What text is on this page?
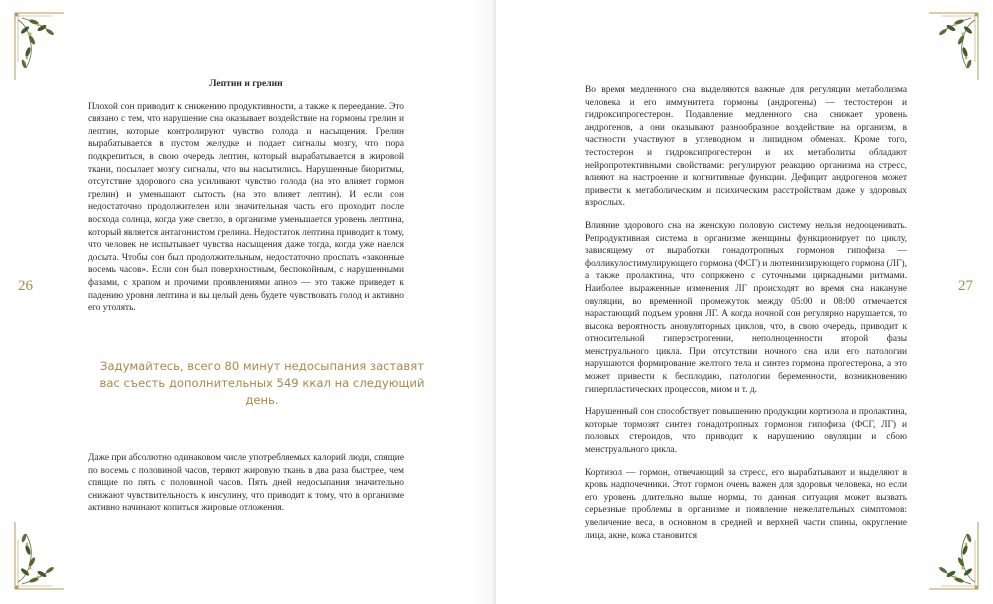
26
Лептин и грелин

Плохой сон приводит к снижению продуктивности, а также к переедание. Это связано с тем, что нарушение сна оказывает воздействие на гормоны грелин и лептин, которые контролируют чувство голода и насыщения. Грелин вырабатывается в пустом желудке и подает сигналы мозгу, что пора подкрепиться, в свою очередь лептин, который вырабатывается в жировой ткани, посылает мозгу сигналы, что вы насытились. Нарушенные биоритмы, отсутствие здорового сна усиливают чувство голода (на это влияет гормон грелин) и уменьшают сытость (на это влияет лептин). И если сон недостаточно продолжителен или значительная часть его проходит после восхода солнца, когда уже светло, в организме уменьшается уровень лептина, который является антагонистом грелина. Недостаток лептина приводит к тому, что человек не испытывает чувства насыщения даже тогда, когда уже наелся досыта. Чтобы сон был продолжительным, недостаточно проспать «законные восемь часов». Если сон был поверхностным, беспокойным, с нарушенными фазами, с храпом и прочими проявлениями апноэ — это также приведет к падению уровня лептина и вы целый день будете чувствовать голод и активно его утолять.

Задумайтесь, всего 80 минут недосыпания заставят вас съесть дополнительных 549 ккал на следующий день.

Даже при абсолютно одинаковом числе употребляемых калорий люди, спящие по восемь с половиной часов, теряют жировую ткань в два раза быстрее, чем спящие по пять с половиной часов. Пять дней недосыпания значительно снижают чувствительность к инсулину, что приводит к тому, что в организме активно начинают копиться жировые отложения.

27

Во время медленного сна выделяются важные для регуляции метаболизма человека и его иммунитета гормоны (андрогены) — тестостерон и гидроксипрогестерон. Подавление медленного сна снижает уровень андрогенов, а они оказывают разнообразное воздействие на организм, в частности участвуют в углеводном и липидном обменах. Кроме того, тестостерон и гидроксипрогестерон и их метаболиты обладают нейропротективными свойствами: регулируют реакцию организма на стресс, влияют на настроение и когнитивные функции. Дефицит андрогенов может привести к метаболическим и психическим расстройствам даже у здоровых взрослых.

Влияние здорового сна на женскую половую систему нельзя недооценивать. Репродуктивная система в организме женщины функционирует по циклу, зависящему от выработки гонадотропных гормонов гипофиза — фолликулостимулирующего гормона (ФСГ) и лютеинизирующего гормона (ЛГ), а также пролактина, что сопряжено с суточными циркадными ритмами. Наиболее выраженные изменения ЛГ происходят во время сна накануне овуляции, во временной промежуток между 05:00 и 08:00 отмечается нарастающий подъем уровня ЛГ. А когда ночной сон регулярно нарушается, то высока вероятность ановуляторных циклов, что, в свою очередь, приводит к относительной гиперэстрогении, неполноценности второй фазы менструального цикла. При отсутствии ночного сна или его патологии нарушаются формирование желтого тела и синтез гормона прогестерона, а это может привести к бесплодию, патологии беременности, возникновению гиперпластических процессов, миом и т. д.

Нарушенный сон способствует повышению продукции кортизола и пролактина, которые тормозят синтез гонадотропных гормонов гипофиза (ФСГ, ЛГ) и половых стероидов, что приводит к нарушению овуляции и сбою менструального цикла.

Кортизол — гормон, отвечающий за стресс, его вырабатывают и выделяют в кровь надпочечники. Этот гормон очень важен для здоровья человека, но если его уровень длительно выше нормы, то данная ситуация может вызвать серьезные проблемы в организме и появление нежелательных симптомов: увеличение веса, в основном в средней и верхней части спины, округление лица, акне, кожа становится
